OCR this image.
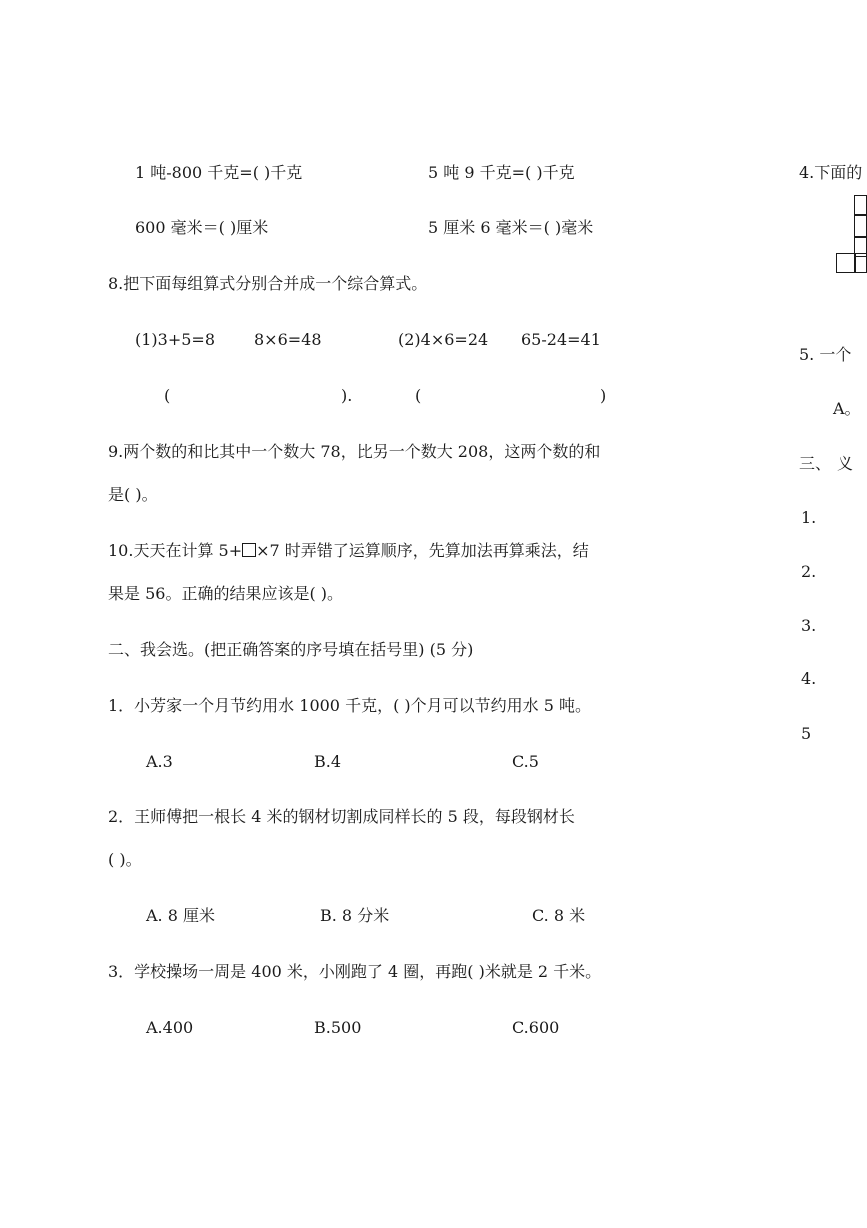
1 吨-800 千克=( )千克	5 吨 9 千克=( )千克
600 毫米＝( )厘米	5 厘米 6 毫米＝( )毫米
8.把下面每组算式分别合并成一个综合算式。
(1)3+5=8 8×6=48	(2)4×6=24 65-24=41
(	).	(	)
9.两个数的和比其中一个数大 78，比另一个数大 208，这两个数的和
是( )。
10.天天在计算 5+ ×7 时弄错了运算顺序，先算加法再算乘法，结
果是 56。正确的结果应该是( )。
二、我会选。(把正确答案的序号填在括号里) (5 分)
1．小芳家一个月节约用水 1000 千克，( )个月可以节约用水 5 吨。
A.3	B.4	C.5
2．王师傅把一根长 4 米的钢材切割成同样长的 5 段，每段钢材长
( )。
A. 8 厘米	B. 8 分米	C. 8 米
3．学校操场一周是 400 米，小刚跑了 4 圈，再跑( )米就是 2 千米。
A.400	B.500	C.600
4.下面的
5. 一个
A。
三、 义
1.
2.
3.
4.
5
